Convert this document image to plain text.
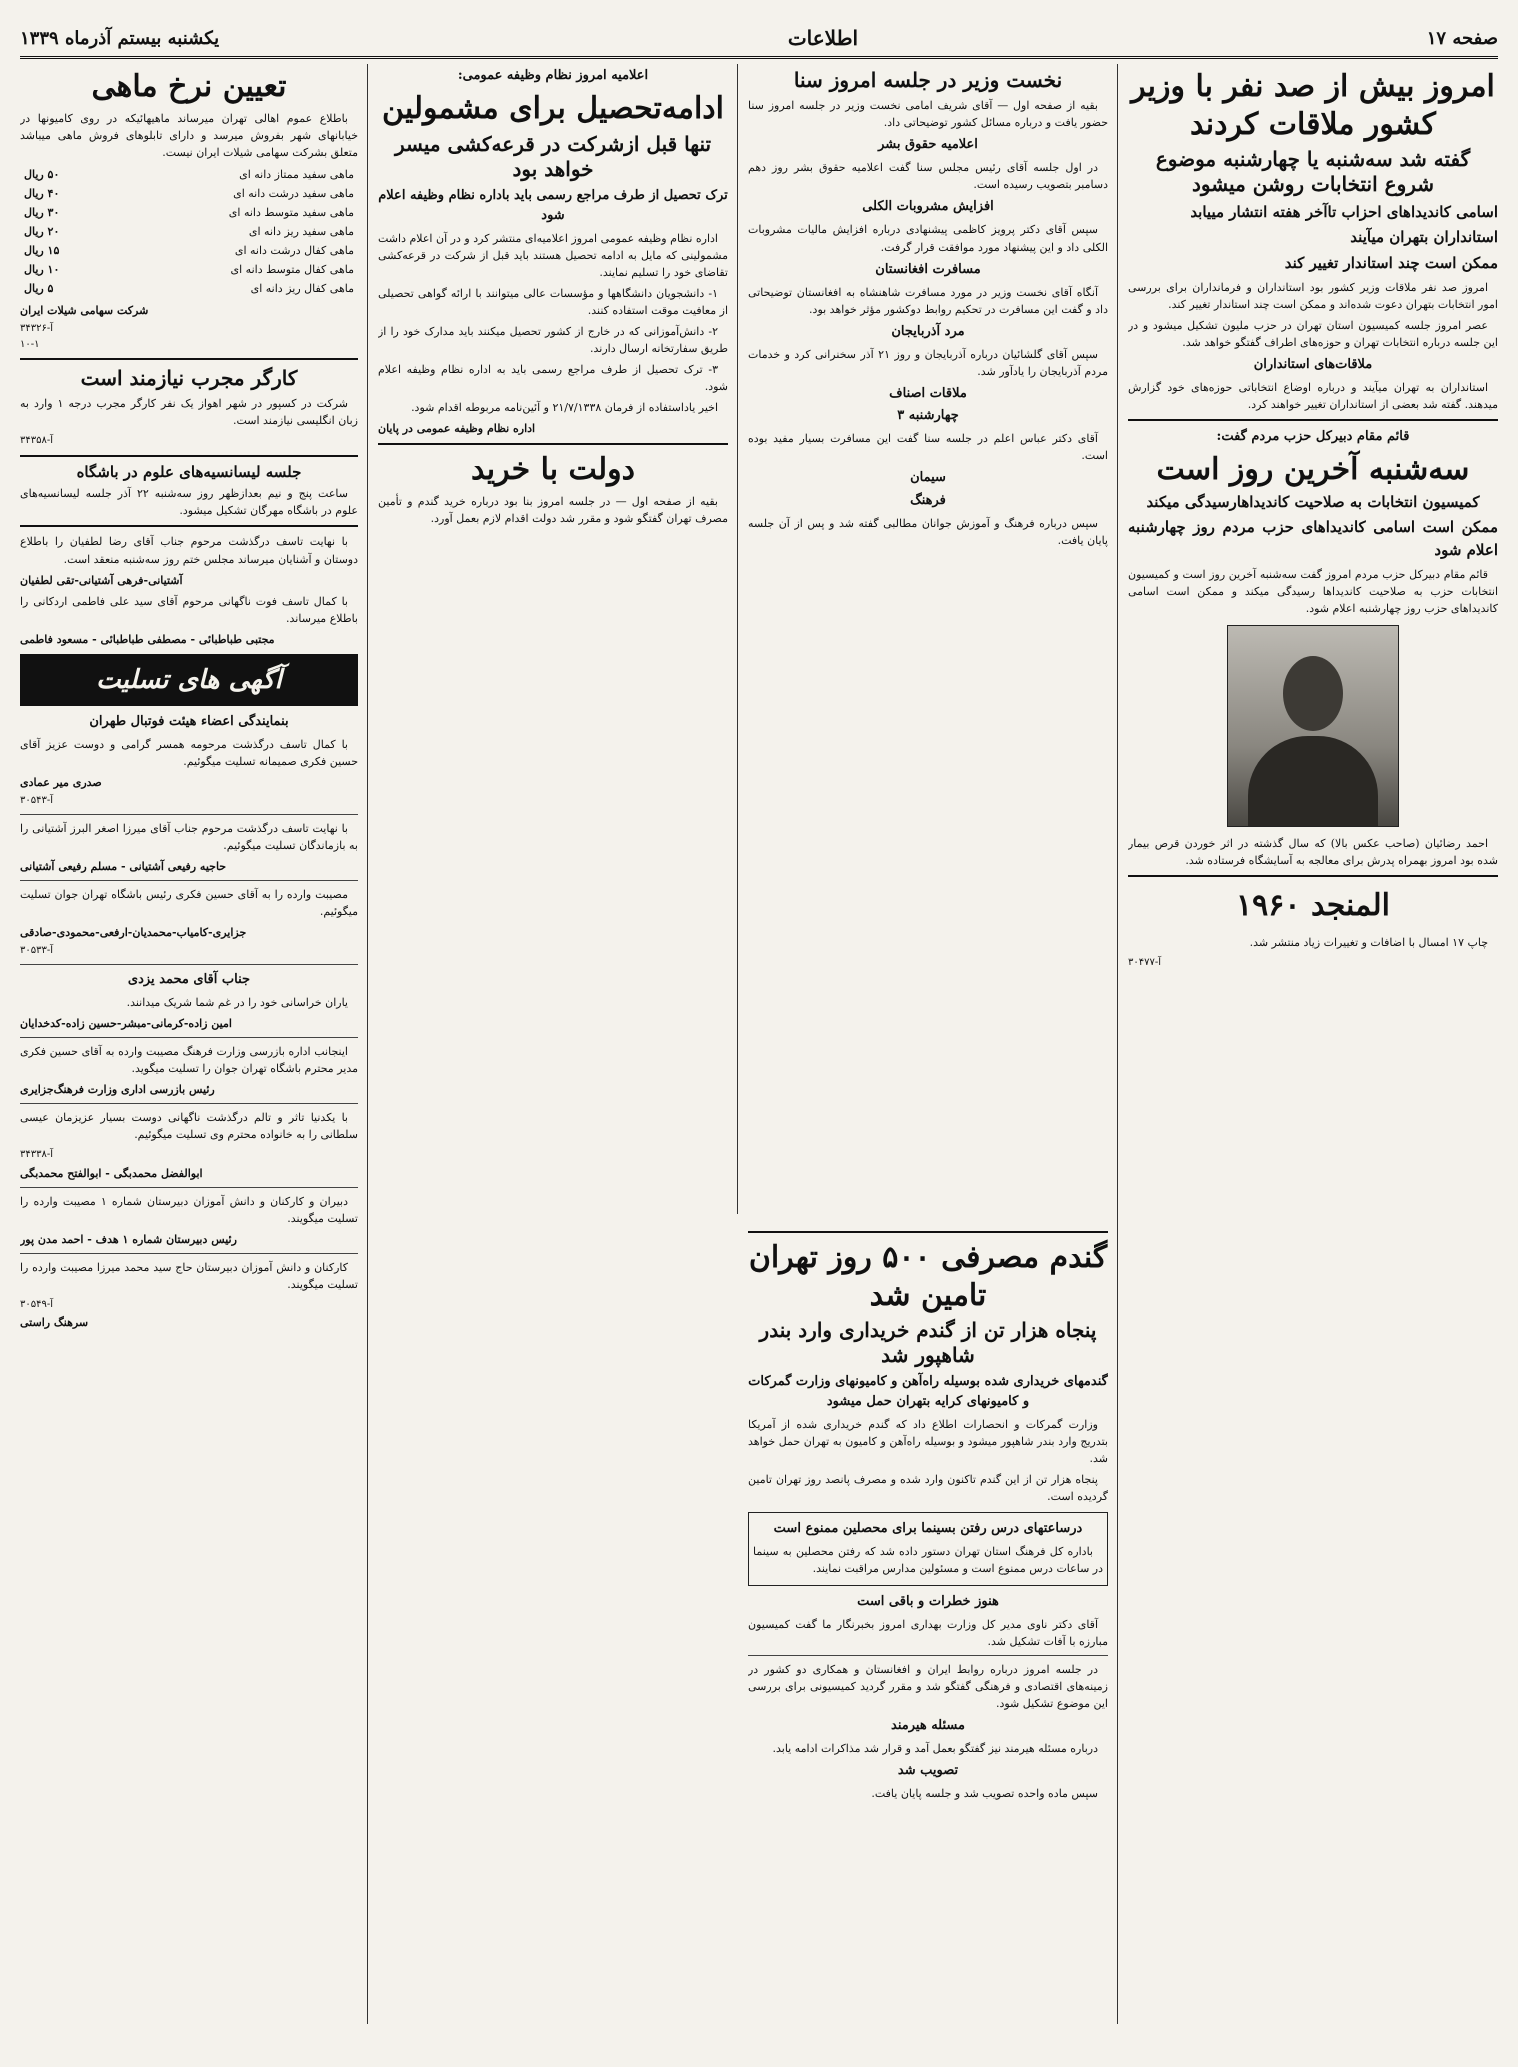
صفحه ۱۷
اطلاعات
یکشنبه بیستم آذرماه ۱۳۳۹
امروز بیش از صد نفر با وزیر کشور ملاقات کردند
گفته شد سه‌شنبه یا چهارشنبه موضوع شروع انتخابات روشن میشود
اسامی کاندیداهای احزاب تاآخر هفته انتشار مییابد
استانداران بتهران میآیند
ممکن است چند استاندار تغییر کند

امروز صد نفر ملاقات وزیر کشور بود استانداران و فرمانداران برای بررسی امور انتخابات بتهران دعوت شده‌اند و ممکن است چند استاندار تغییر کند.

عصر امروز جلسه کمیسیون استان تهران در حزب ملیون تشکیل میشود و در این جلسه درباره انتخابات تهران و حوزه‌های اطراف گفتگو خواهد شد.

ملاقات‌های استانداران

استانداران به تهران میآیند و درباره اوضاع انتخاباتی حوزه‌های خود گزارش میدهند. گفته شد بعضی از استانداران تغییر خواهند کرد.

قائم مقام دبیرکل حزب مردم گفت:
سه‌شنبه آخرین روز است
کمیسیون انتخابات به صلاحیت کاندیداهارسیدگی میکند
ممکن است اسامی کاندیداهای حزب مردم روز چهارشنبه اعلام شود

قائم مقام دبیرکل حزب مردم امروز گفت سه‌شنبه آخرین روز است و کمیسیون انتخابات حزب به صلاحیت کاندیداها رسیدگی میکند و ممکن است اسامی کاندیداهای حزب روز چهارشنبه اعلام شود.

احمد رضائیان (صاحب عکس بالا) که سال گذشته در اثر خوردن قرص بیمار شده بود امروز بهمراه پدرش برای معالجه به آسایشگاه فرستاده شد.

المنجد ۱۹۶۰

چاپ ۱۷ امسال با اضافات و تغییرات زیاد منتشر شد.

آ-۳۰۴۷۷
نخست وزیر در جلسه امروز سنا

بقیه از صفحه اول — آقای شریف امامی نخست وزیر در جلسه امروز سنا حضور یافت و درباره مسائل کشور توضیحاتی داد.

اعلامیه حقوق بشر

در اول جلسه آقای رئیس مجلس سنا گفت اعلامیه حقوق بشر روز دهم دسامبر بتصویب رسیده است.

افزایش مشروبات الکلی

سپس آقای دکتر پرویز کاظمی پیشنهادی درباره افزایش مالیات مشروبات الکلی داد و این پیشنهاد مورد موافقت قرار گرفت.

مسافرت افغانستان

آنگاه آقای نخست وزیر در مورد مسافرت شاهنشاه به افغانستان توضیحاتی داد و گفت این مسافرت در تحکیم روابط دوکشور مؤثر خواهد بود.

مرد آذربایجان

سپس آقای گلشائیان درباره آذربایجان و روز ۲۱ آذر سخنرانی کرد و خدمات مردم آذربایجان را یادآور شد.

ملاقات اصناف
چهارشنبه ۳

آقای دکتر عباس اعلم در جلسه سنا گفت این مسافرت بسیار مفید بوده است.

سیمان
فرهنگ

سپس درباره فرهنگ و آموزش جوانان مطالبی گفته شد و پس از آن جلسه پایان یافت.

اعلامیه امروز نظام وظیفه عمومی:
ادامه‌تحصیل برای مشمولین
تنها قبل ازشرکت در قرعه‌کشی میسر خواهد بود
ترک تحصیل از طرف مراجع رسمی باید باداره نظام وظیفه اعلام شود

اداره نظام وظیفه عمومی امروز اعلامیه‌ای منتشر کرد و در آن اعلام داشت مشمولینی که مایل به ادامه تحصیل هستند باید قبل از شرکت در قرعه‌کشی تقاضای خود را تسلیم نمایند.

۱- دانشجویان دانشگاهها و مؤسسات عالی میتوانند با ارائه گواهی تحصیلی از معافیت موقت استفاده کنند.

۲- دانش‌آموزانی که در خارج از کشور تحصیل میکنند باید مدارک خود را از طریق سفارتخانه ارسال دارند.

۳- ترک تحصیل از طرف مراجع رسمی باید به اداره نظام وظیفه اعلام شود.

اخیر یاداستفاده از فرمان ۲۱/۷/۱۳۳۸ و آئین‌نامه مربوطه اقدام شود.

اداره نظام وظیفه عمومی در پایان
دولت با خرید

بقیه از صفحه اول — در جلسه امروز بنا بود درباره خرید گندم و تأمین مصرف تهران گفتگو شود و مقرر شد دولت اقدام لازم بعمل آورد.

تعیین نرخ ماهی

باطلاع عموم اهالی تهران میرساند ماهیهائیکه در روی کامیونها در خیابانهای شهر بفروش میرسد و دارای تابلو‌های فروش ماهی میباشد متعلق بشرکت سهامی شیلات ایران نیست.

ماهی سفید ممتاز دانه ای	۵۰ ریال
ماهی سفید درشت دانه ای	۴۰ ریال
ماهی سفید متوسط دانه ای	۳۰ ریال
ماهی سفید ریز دانه ای	۲۰ ریال
ماهی کفال درشت دانه ای	۱۵ ریال
ماهی کفال متوسط دانه ای	۱۰ ریال
ماهی کفال ریز دانه ای	۵ ریال
شرکت سهامی شیلات ایران
آ-۳۴۳۲۶
۱۰-۱
کارگر مجرب نیازمند است

شرکت در کسپور در شهر اهواز یک نفر کارگر مجرب درجه ۱ وارد به زبان انگلیسی نیازمند است.

آ-۳۴۳۵۸
جلسه لیسانسیه‌های علوم در باشگاه

ساعت پنج و نیم بعدازظهر روز سه‌شنبه ۲۲ آذر جلسه لیسانسیه‌های علوم در باشگاه مهرگان تشکیل میشود.

با نهایت تاسف درگذشت مرحوم جناب آقای رضا لطفیان را باطلاع دوستان و آشنایان میرساند مجلس ختم روز سه‌شنبه منعقد است.

آشتیانی-فرهی آشتیانی-تقی لطفیان

با کمال تاسف فوت ناگهانی مرحوم آقای سید علی فاطمی اردکانی را باطلاع میرساند.

مجتبی طباطبائی - مصطفی طباطبائی - مسعود فاطمی
آگهی های تسلیت
بنمایندگی اعضاء هیئت فوتبال طهران

با کمال تاسف درگذشت مرحومه همسر گرامی و دوست عزیز آقای حسین فکری صمیمانه تسلیت میگوئیم.

صدری میر عمادی
آ-۳۰۵۴۳

با نهایت تاسف درگذشت مرحوم جناب آقای میرزا اصغر البرز آشتیانی را به بازماندگان تسلیت میگوئیم.

حاجیه رفیعی آشتیانی - مسلم رفیعی آشتیانی

مصیبت وارده را به آقای حسین فکری رئیس باشگاه تهران جوان تسلیت میگوئیم.

جزایری-کامیاب-محمدیان-ارفعی-محمودی-صادقی
آ-۳۰۵۳۳
جناب آقای محمد یزدی

یاران خراسانی خود را در غم شما شریک میدانند.

امین زاده-کرمانی-مبشر-حسین زاده-کدخدایان

اینجانب اداره بازرسی وزارت فرهنگ مصیبت وارده به آقای حسین فکری مدیر محترم باشگاه تهران جوان را تسلیت میگوید.

رئیس بازرسی اداری وزارت فرهنگ‌جزایری

با یکدنیا تاثر و تالم درگذشت ناگهانی دوست بسیار عزیزمان عیسی سلطانی را به خانواده محترم وی تسلیت میگوئیم.

آ-۳۴۳۳۸
ابوالفضل محمدبگی - ابوالفتح محمدبگی

دبیران و کارکنان و دانش آموزان دبیرستان شماره ۱ مصیبت وارده را تسلیت میگویند.

رئیس دبیرستان شماره ۱ هدف - احمد مدن پور

کارکنان و دانش آموزان دبیرستان حاج سید محمد میرزا مصیبت وارده را تسلیت میگویند.

آ-۳۰۵۴۹
سرهنگ راستی
گندم مصرفی ۵۰۰ روز تهران تامین شد
پنجاه هزار تن از گندم خریداری وارد بندر شاهپور شد
گندمهای خریداری شده بوسیله راه‌آهن و کامیونهای وزارت گمرکات و کامیونهای کرایه بتهران حمل میشود

وزارت گمرکات و انحصارات اطلاع داد که گندم خریداری شده از آمریکا بتدریج وارد بندر شاهپور میشود و بوسیله راه‌آهن و کامیون به تهران حمل خواهد شد.

پنجاه هزار تن از این گندم تاکنون وارد شده و مصرف پانصد روز تهران تامین گردیده است.

درساعتهای درس رفتن بسینما برای محصلین ممنوع است

باداره کل فرهنگ استان تهران دستور داده شد که رفتن محصلین به سینما در ساعات درس ممنوع است و مسئولین مدارس مراقبت نمایند.

هنوز خطرات و باقی است

آقای دکتر ناوی مدیر کل وزارت بهداری امروز بخبرنگار ما گفت کمیسیون مبارزه با آفات تشکیل شد.

در جلسه امروز درباره روابط ایران و افغانستان و همکاری دو کشور در زمینه‌های اقتصادی و فرهنگی گفتگو شد و مقرر گردید کمیسیونی برای بررسی این موضوع تشکیل شود.

مسئله هیرمند

درباره مسئله هیرمند نیز گفتگو بعمل آمد و قرار شد مذاکرات ادامه یابد.

تصویب شد

سپس ماده واحده تصویب شد و جلسه پایان یافت.
